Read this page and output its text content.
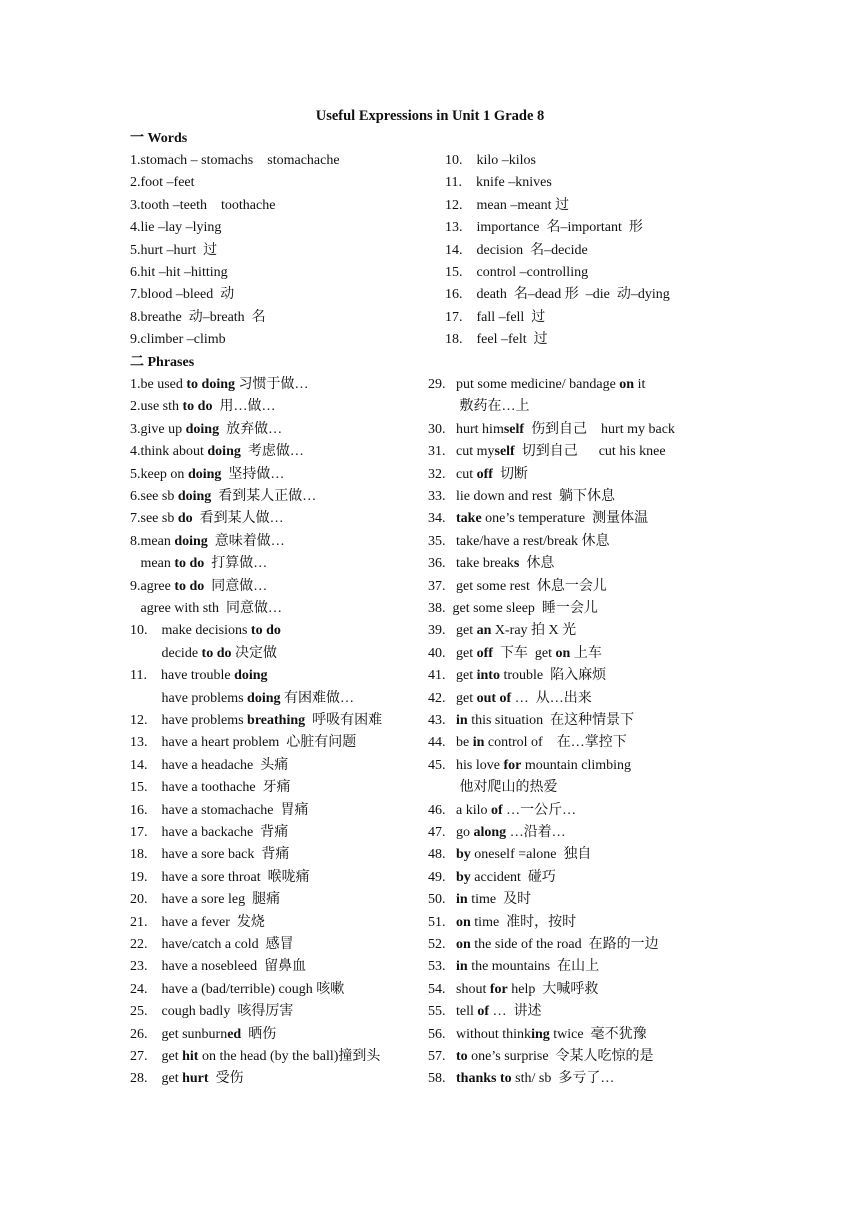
Useful Expressions in Unit 1 Grade 8
一 Words
二 Phrases
1.stomach – stomachs    stomachache
2.foot –feet
3.tooth –teeth    toothache
4.lie –lay –lying
5.hurt –hurt  过
6.hit –hit –hitting
7.blood –bleed  动
8.breathe  动–breath  名
9.climber –climb
10.    kilo –kilos
11.    knife –knives
12.    mean –meant 过
13.    importance  名–important  形
14.    decision  名–decide
15.    control –controlling
16.    death  名–dead 形  –die  动–dying
17.    fall –fell  过
18.    feel –felt  过
1.be used to doing 习惯于做…
2.use sth to do  用…做…
3.give up doing  放弃做…
4.think about doing  考虑做…
5.keep on doing  坚持做…
6.see sb doing  看到某人正做…
7.see sb do  看到某人做…
8.mean doing  意味着做…
mean to do  打算做…
9.agree to do  同意做…
agree with sth  同意做…
10.    make decisions to do
decide to do 决定做
11.    have trouble doing
have problems doing 有困难做…
12.    have problems breathing  呼吸有困难
13.    have a heart problem  心脏有问题
14.    have a headache  头痛
15.    have a toothache  牙痛
16.    have a stomachache  胃痛
17.    have a backache  背痛
18.    have a sore back  背痛
19.    have a sore throat  喉咙痛
20.    have a sore leg  腿痛
21.    have a fever  发烧
22.    have/catch a cold  感冒
23.    have a nosebleed  留鼻血
24.    have a (bad/terrible) cough 咳嗽
25.    cough badly  咳得厉害
26.    get sunburned  晒伤
27.    get hit on the head (by the ball)撞到头
28.    get hurt  受伤
29.   put some medicine/ bandage on it
敷药在…上
30.   hurt himself  伤到自己    hurt my back
31.   cut myself  切到自己      cut his knee
32.   cut off  切断
33.   lie down and rest  躺下休息
34.   take one’s temperature  测量体温
35.   take/have a rest/break 休息
36.   take breaks  休息
37.   get some rest  休息一会儿
38.  get some sleep  睡一会儿
39.   get an X-ray 拍 X 光
40.   get off  下车  get on 上车
41.   get into trouble  陷入麻烦
42.   get out of …  从…出来
43.   in this situation  在这种情景下
44.   be in control of    在…掌控下
45.   his love for mountain climbing
他对爬山的热爱
46.   a kilo of …一公斤…
47.   go along …沿着…
48.   by oneself =alone  独自
49.   by accident  碰巧
50.   in time  及时
51.   on time  准时，按时
52.   on the side of the road  在路的一边
53.   in the mountains  在山上
54.   shout for help  大喊呼救
55.   tell of …  讲述
56.   without thinking twice  毫不犹豫
57.   to one’s surprise  令某人吃惊的是
58.   thanks to sth/ sb  多亏了…
